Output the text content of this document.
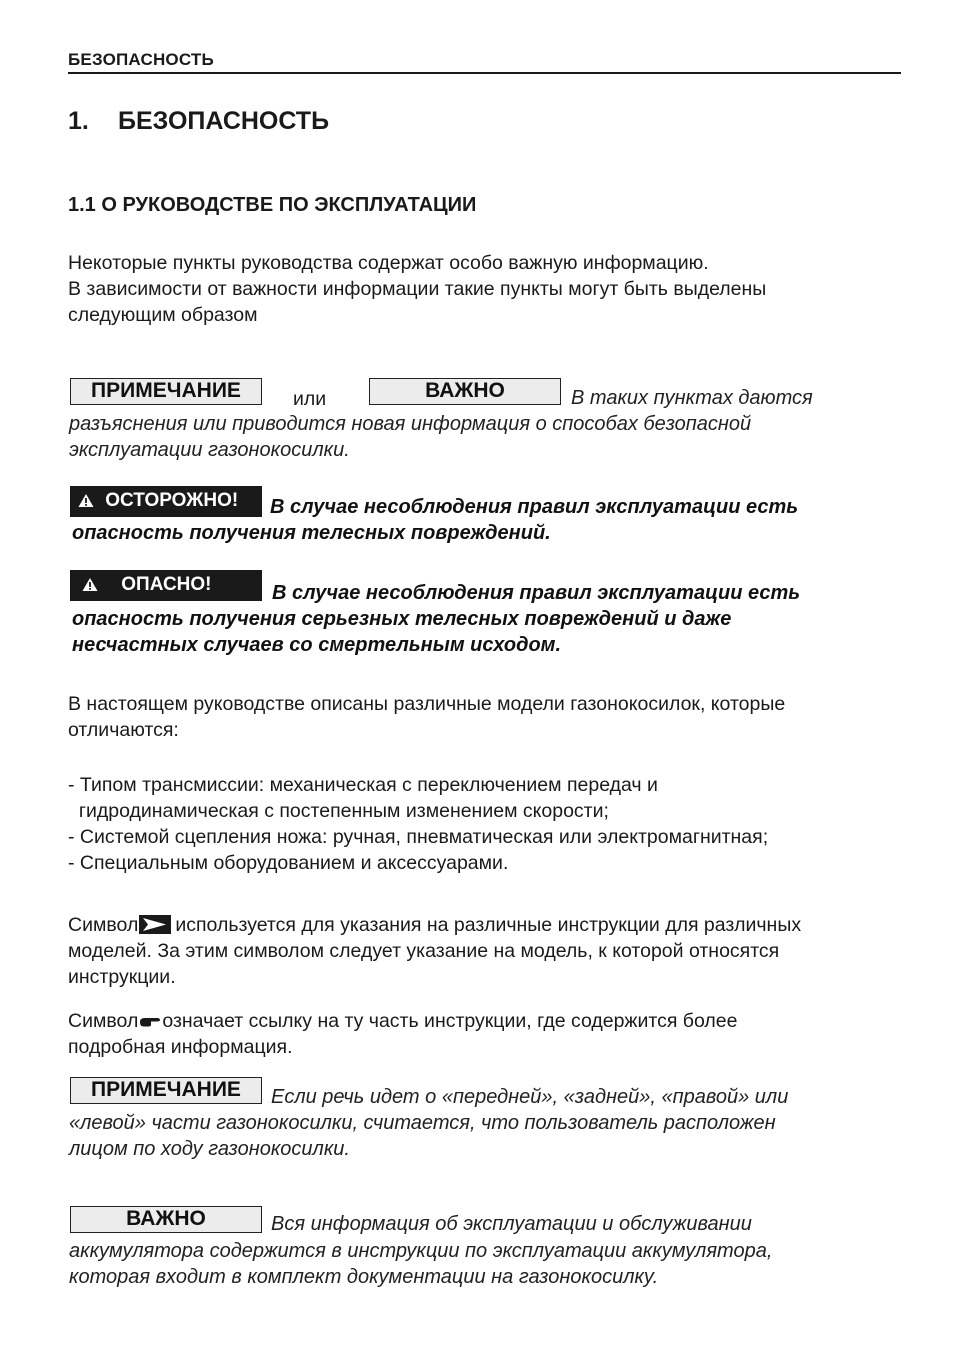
БЕЗОПАСНОСТЬ
1. БЕЗОПАСНОСТЬ
1.1 О РУКОВОДСТВЕ ПО ЭКСПЛУАТАЦИИ
Некоторые пункты руководства содержат особо важную информацию.
В зависимости от важности информации такие пункты могут быть выделены
следующим образом
ПРИМЕЧАНИЕ	или	ВАЖНО	В таких пунктах даются
разъяснения или приводится новая информация о способах безопасной
эксплуатации газонокосилки.
ОСТОРОЖНО!	В случае несоблюдения правил эксплуатации есть
опасность получения телесных повреждений.
ОПАСНО!	В случае несоблюдения правил эксплуатации есть
опасность получения серьезных телесных повреждений и даже
несчастных случаев со смертельным исходом.
В настоящем руководстве описаны различные модели газонокосилок, которые
отличаются:
- Типом трансмиссии: механическая с переключением передач и
гидродинамическая с постепенным изменением скорости;
- Системой сцепления ножа: ручная, пневматическая или электромагнитная;
- Специальным оборудованием и аксессуарами.
Символ используется для указания на различные инструкции для различных
моделей. За этим символом следует указание на модель, к которой относятся
инструкции.
Символ означает ссылку на ту часть инструкции, где содержится более
подробная информация.
ПРИМЕЧАНИЕ	Если речь идет о «передней», «задней», «правой» или
«левой» части газонокосилки, считается, что пользователь расположен
лицом по ходу газонокосилки.
ВАЖНО	Вся информация об эксплуатации и обслуживании
аккумулятора содержится в инструкции по эксплуатации аккумулятора,
которая входит в комплект документации на газонокосилку.
